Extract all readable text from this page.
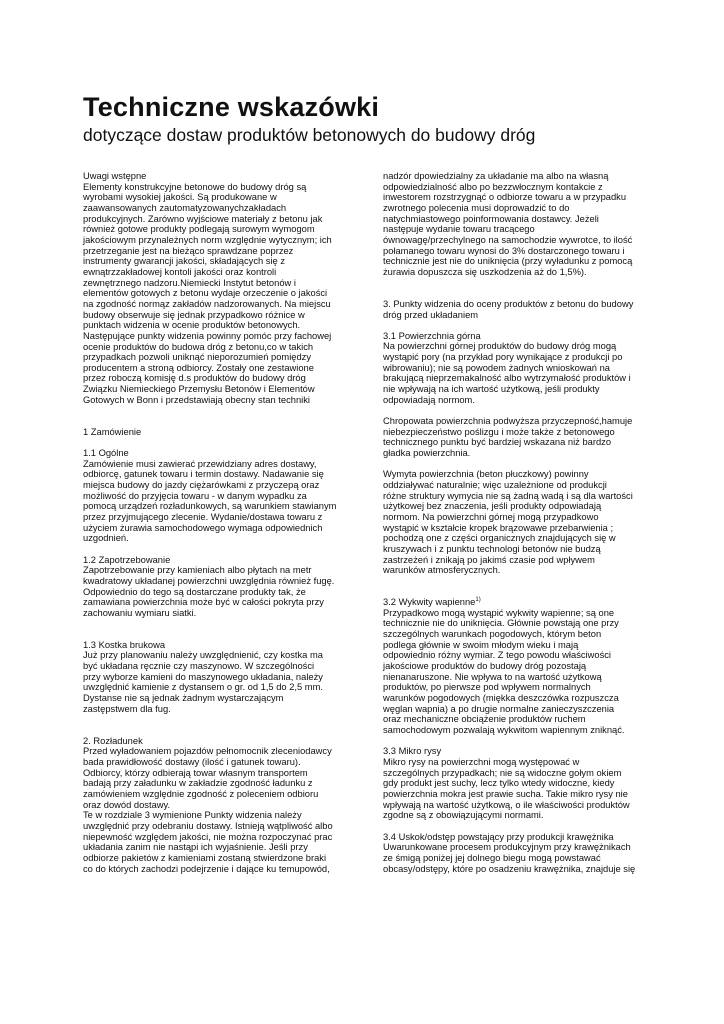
Techniczne wskazówki
dotyczące dostaw produktów betonowych do budowy dróg

Uwagi wstępne

Elementy konstrukcyjne betonowe do budowy dróg są
wyrobami wysokiej jakości. Są produkowane w
zaawansowanych zautomatyzowanychzakładach
produkcyjnych. Zarówno wyjściowe materiały z betonu jak
również gotowe produkty podlegają surowym wymogom
jakościowym przynależnych norm względnie wytycznym; ich
przetrzeganie jest na bieżąco sprawdzane poprzez
instrumenty gwarancji jakości, składających się z
ewnątrzzakładowej kontoli jakości oraz kontroli
zewnętrznego nadzoru.Niemiecki Instytut betonów i
elementów gotowych z betonu wydaje orzeczenie o jakości
na zgodność normąz zakładów nadzorowanych. Na miejscu
budowy obserwuje się jednak przypadkowo różnice w
punktach widzenia w ocenie produktów betonowych.
Następujące punkty widzenia powinny pomóc przy fachowej
ocenie produktów do budowa dróg z betonu,co w takich
przypadkach pozwoli uniknąć nieporozumień pomiędzy
producentem a stroną odbiorcy. Zostały one zestawione
przez roboczą komisję d.s produktów do budowy dróg
Związku Niemieckiego Przemysłu Betonów i Elementów
Gotowych w Bonn i przedstawiają obecny stan techniki

1 Zamówienie

1.1 Ogólne

Zamówienie musi zawierać przewidziany adres dostawy,
odbiorcę, gatunek towaru i termin dostawy. Nadawanie się
miejsca budowy do jazdy ciężarówkami z przyczepą oraz
możliwość do przyjęcia towaru - w danym wypadku za
pomocą urządzeń rozładunkowych, są warunkiem stawianym
przez przyjmującego zlecenie. Wydanie/dostawa towaru z
użyciem żurawia samochodowego wymaga odpowiednich
uzgodnień.

1.2 Zapotrzebowanie

Zapotrzebowanie przy kamieniach albo płytach na metr
kwadratowy układanej powierzchni uwzględnia również fugę.
Odpowiednio do tego są dostarczane produkty tak, że
zamawiana powierzchnia może być w całości pokryta przy
zachowaniu wymiaru siatki.

1.3 Kostka brukowa

Już przy planowaniu należy uwzględnienić, czy kostka ma
być układana ręcznie czy maszynowo. W szczególności
przy wyborze kamieni do maszynowego układania, należy
uwzględnić kamienie z dystansem o gr. od 1,5 do 2,5 mm.
Dystanse nie są jednak żadnym wystarczającym
zastępstwem dla fug.

2. Rozładunek

Przed wyładowaniem pojazdów pełnomocnik zleceniodawcy
bada prawidłowość dostawy (ilość i gatunek towaru).
Odbiorcy, którzy odbierają towar własnym transportem
badają przy załadunku w zakładzie zgodność ładunku z
zamówieniem względnie zgodność z poleceniem odbioru
oraz dowód dostawy.
Te w rozdziale 3 wymienione Punkty widzenia należy
uwzględnić przy odebraniu dostawy. Istnieją wątpliwość albo
niepewność względem jakości, nie można rozpoczynać prac
układania zanim nie nastąpi ich wyjaśnienie. Jeśli przy
odbiorze pakietów z kamieniami zostaną stwierdzone braki
co do których zachodzi podejrzenie i dające ku temupowód,

nadzór dpowiedzialny za układanie ma albo na własną
odpowiedzialność albo po bezzwłocznym kontakcie z
inwestorem rozstrzygnąć o odbiorze towaru a w przypadku
zwrotnego polecenia musi doprowadzić to do
natychmiastowego poinformowania dostawcy. Jeżeli
następuje wydanie towaru tracącego
ównowagę/przechylnego na samochodzie wywrotce, to ilość
połamanego towaru wynosi do 3% dostarczonego towaru i
technicznie jest nie do uniknięcia (przy wyładunku z pomocą
żurawia dopuszcza się uszkodzenia aż do 1,5%).

3. Punkty widzenia do oceny produktów z betonu do budowy
dróg przed układaniem

3.1 Powierzchnia górna

Na powierzchni górnej produktów do budowy dróg mogą
wystąpić pory (na przykład pory wynikające z produkcji po
wibrowaniu); nie są powodem żadnych wnioskowań na
brakującą nieprzemakalność albo wytrzymałość produktów i
nie wpływają na ich wartość użytkową, jeśli produkty
odpowiadają normom.

Chropowata powierzchnia podwyższa przyczepność,hamuje
niebezpieczeństwo poślizgu i może także z betonowego
technicznego punktu być bardziej wskazana niż bardzo
gładka powierzchnia.

Wymyta powierzchnia (beton płuczkowy) powinny
oddziaływać naturalnie; więc uzależnione od produkcji
różne struktury wymycia nie są żadną wadą i są dla wartości
użytkowej bez znaczenia, jeśli produkty odpowiadają
normom. Na powierzchni górnej mogą przypadkowo
wystąpić w kształcie kropek brązowawe przebarwienia ;
pochodzą one z części organicznych znajdujących się w
kruszywach i z punktu technologi betonów nie budzą
zastrzeżeń i znikają po jakimś czasie pod wpływem
warunków atmosferycznych.

3.2 Wykwity wapienne$^{1)}$

Przypadkowo mogą wystąpić wykwity wapienne; są one
technicznie nie do uniknięcia. Głównie powstają one przy
szczególnych warunkach pogodowych, którym beton
podlega głównie w swoim młodym wieku i mają
odpowiednio różny wymiar. Z tego powodu właściwości
jakościowe produktów do budowy dróg pozostają
nienanaruszone. Nie wpływa to na wartość użytkową
produktów, po pierwsze pod wpływem normalnych
warunków pogodowych (miękka deszczówka rozpuszcza
węglan wapnia) a po drugie normalne zanieczyszczenia
oraz mechaniczne obciążenie produktów ruchem
samochodowym pozwalają wykwitom wapiennym zniknąć.

3.3 Mikro rysy

Mikro rysy na powierzchni mogą występować w
szczególnych przypadkach; nie są widoczne gołym okiem
gdy produkt jest suchy, lecz tylko wtedy widoczne, kiedy
powierzchnia mokra jest prawie sucha. Takie mikro rysy nie
wpływają na wartość użytkową, o ile właściwości produktów
zgodne są z obowiązującymi normami.

3.4 Uskok/odstęp powstający przy produkcji krawężnika

Uwarunkowane procesem produkcyjnym przy krawężnikach
ze śmigą poniżej jej dolnego biegu mogą powstawać
obcasy/odstępy, które po osadzeniu krawężnika, znajduje się
